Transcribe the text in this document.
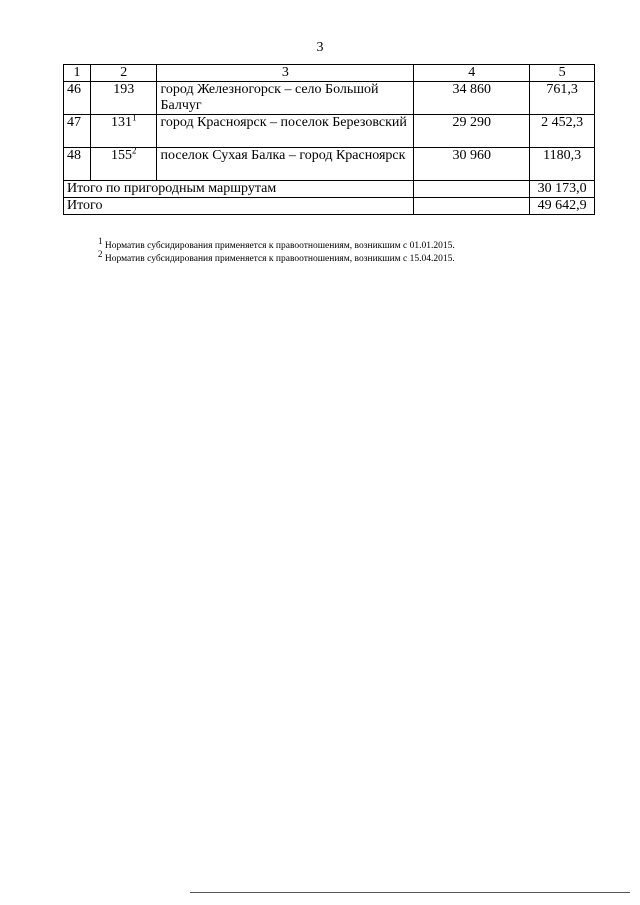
3
1	2	3	4	5
46	193	город Железногорск – село Большой Балчуг	34 860	761,3
47	$131^1$	город Красноярск – поселок Березовский	29 290	2 452,3
48	$155^2$	поселок Сухая Балка – город Красноярск	30 960	1180,3
Итого по пригородным маршрутам				30 173,0
Итого				49 642,9
$^1$ Норматив субсидирования применяется к правоотношениям, возникшим с 01.01.2015.
$^2$ Норматив субсидирования применяется к правоотношениям, возникшим с 15.04.2015.
